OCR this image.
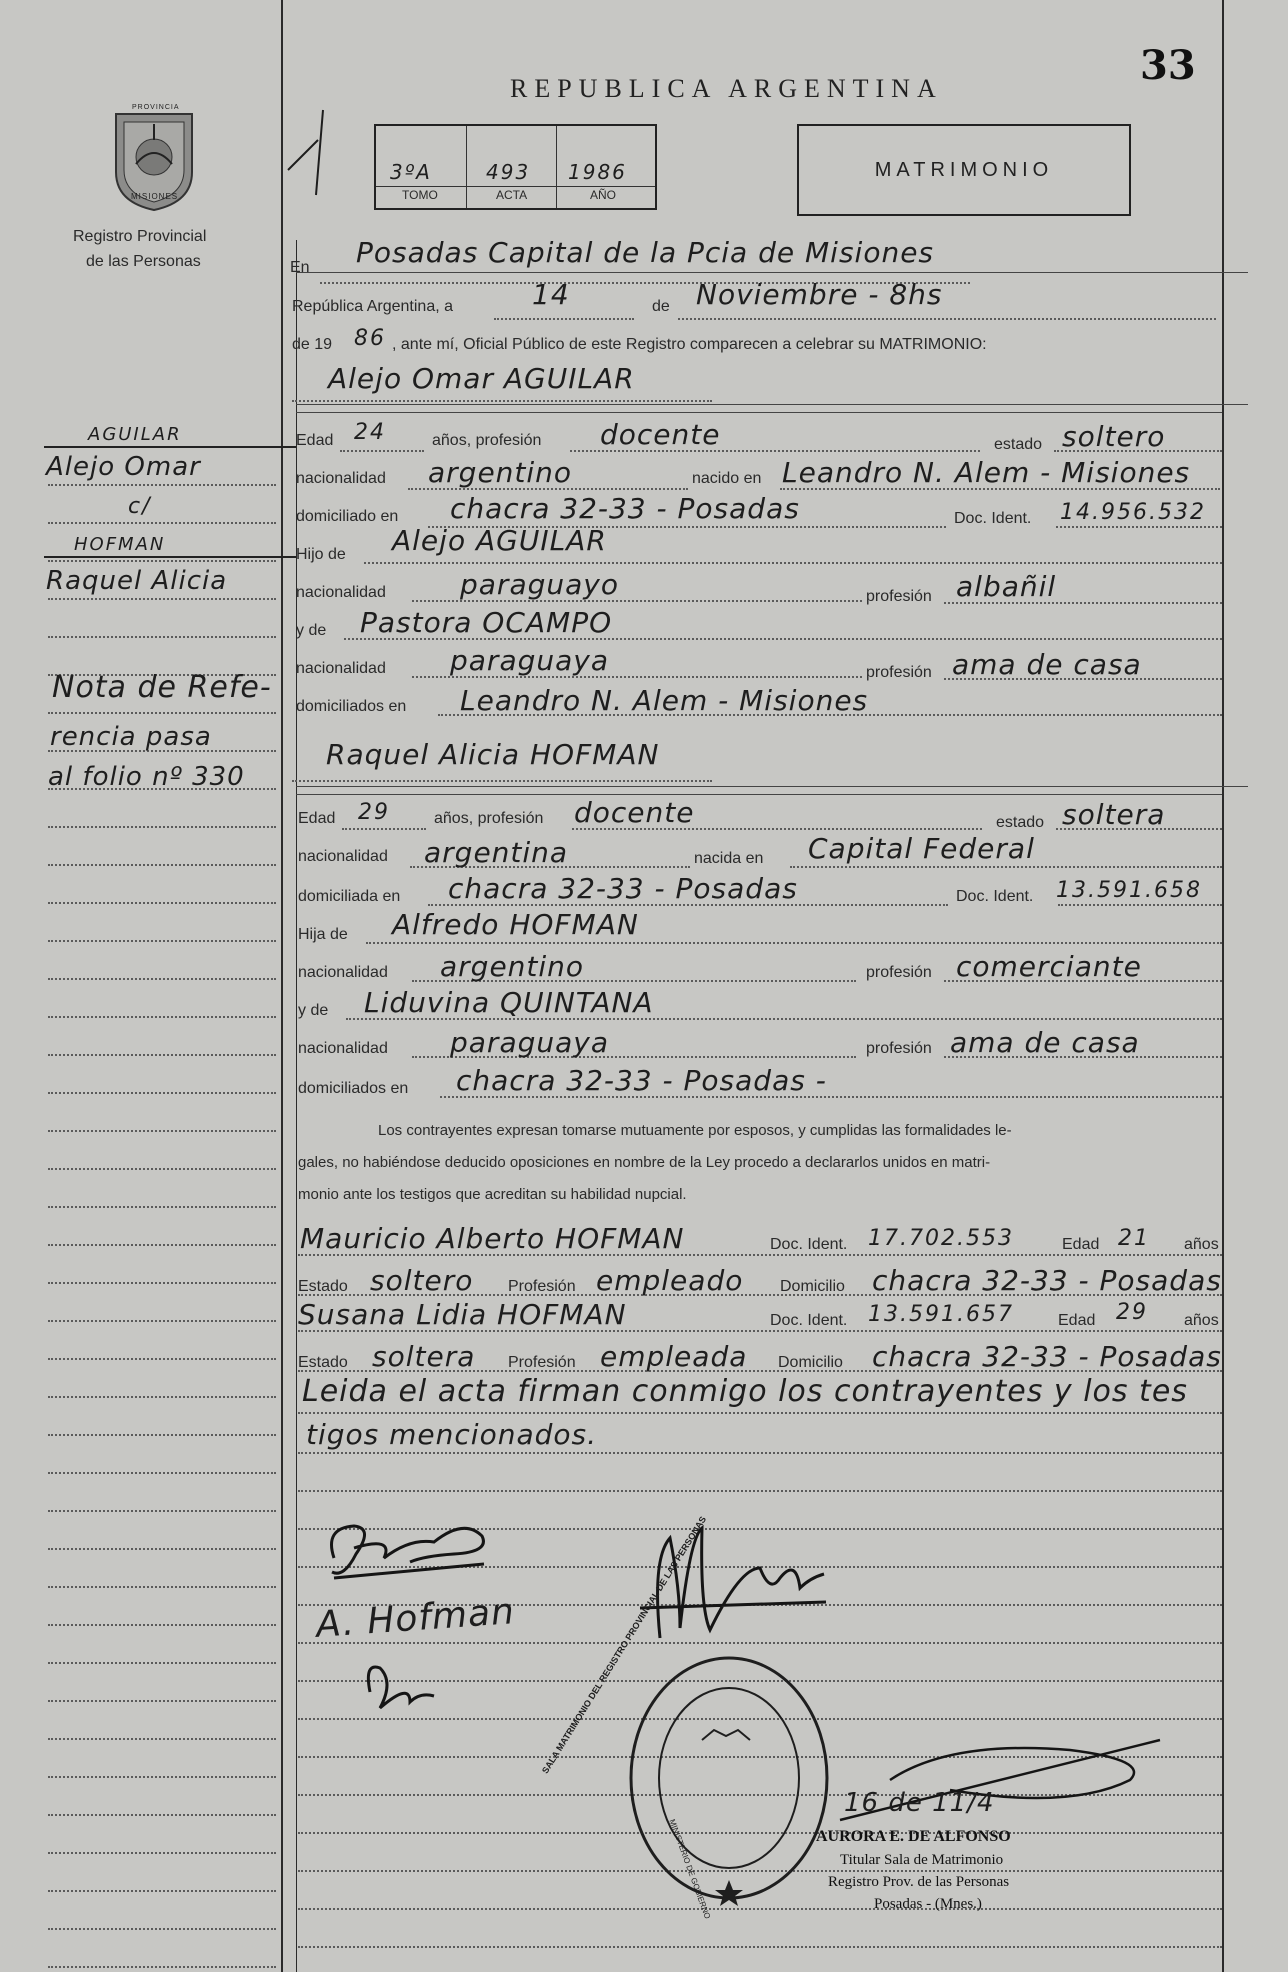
33
REPUBLICA ARGENTINA
MATRIMONIO
3ºA	493 1986
TOMO	ACTA	AÑO
PROVINCIA
MISIONES
Registro Provincial
de las Personas
AGUILAR
Alejo Omar
c/
HOFMAN
Raquel Alicia
Nota de Refe-
rencia pasa
al folio nº 330
En Posadas Capital de la Pcia de Misiones
República Argentina, a	14	de Noviembre - 8hs
de 19 86 , ante mí, Oficial Público de este Registro comparecen a celebrar su MATRIMONIO:
Alejo Omar AGUILAR
Edad 24	años, profesión docente	estado soltero
nacionalidad argentino	nacido en Leandro N. Alem - Misiones
domiciliado en chacra 32-33 - Posadas	Doc. Ident. 14.956.532
Hijo de Alejo AGUILAR
nacionalidad	paraguayo	profesión albañil
y de Pastora OCAMPO
nacionalidad paraguaya	profesión ama de casa
domiciliados en Leandro N. Alem - Misiones
Raquel Alicia HOFMAN
Edad 29	años, profesión docente	estado soltera
nacionalidad argentina	nacida en Capital Federal
domiciliada en chacra 32-33 - Posadas	Doc. Ident. 13.591.658
Hija de Alfredo HOFMAN
nacionalidad argentino	profesión comerciante
y de Liduvina QUINTANA
nacionalidad paraguaya	profesión ama de casa
domiciliados en chacra 32-33 - Posadas -
Los contrayentes expresan tomarse mutuamente por esposos, y cumplidas las formalidades le-
gales, no habiéndose deducido oposiciones en nombre de la Ley procedo a declararlos unidos en matri-
monio ante los testigos que acreditan su habilidad nupcial.
Mauricio Alberto HOFMAN	Doc. Ident. 17.702.553	Edad 21 años
Estado soltero Profesión empleado Domicilio chacra 32-33 - Posadas
Susana Lidia HOFMAN	Doc. Ident. 13.591.657	Edad 29 años
Estado soltera Profesión empleada Domicilio chacra 32-33 - Posadas
Leida el acta firman conmigo los contrayentes y los tes
tigos mencionados.
A. Hofman	SALA MATRIMONIO DEL REGISTRO PROVINCIAL DE LAS PERSONAS
MINISTERIO DE GOBIERNO
16 de 11/4
AURORA E. DE ALFONSO
Titular Sala de Matrimonio
Registro Prov. de las Personas
Posadas - (Mnes.)
